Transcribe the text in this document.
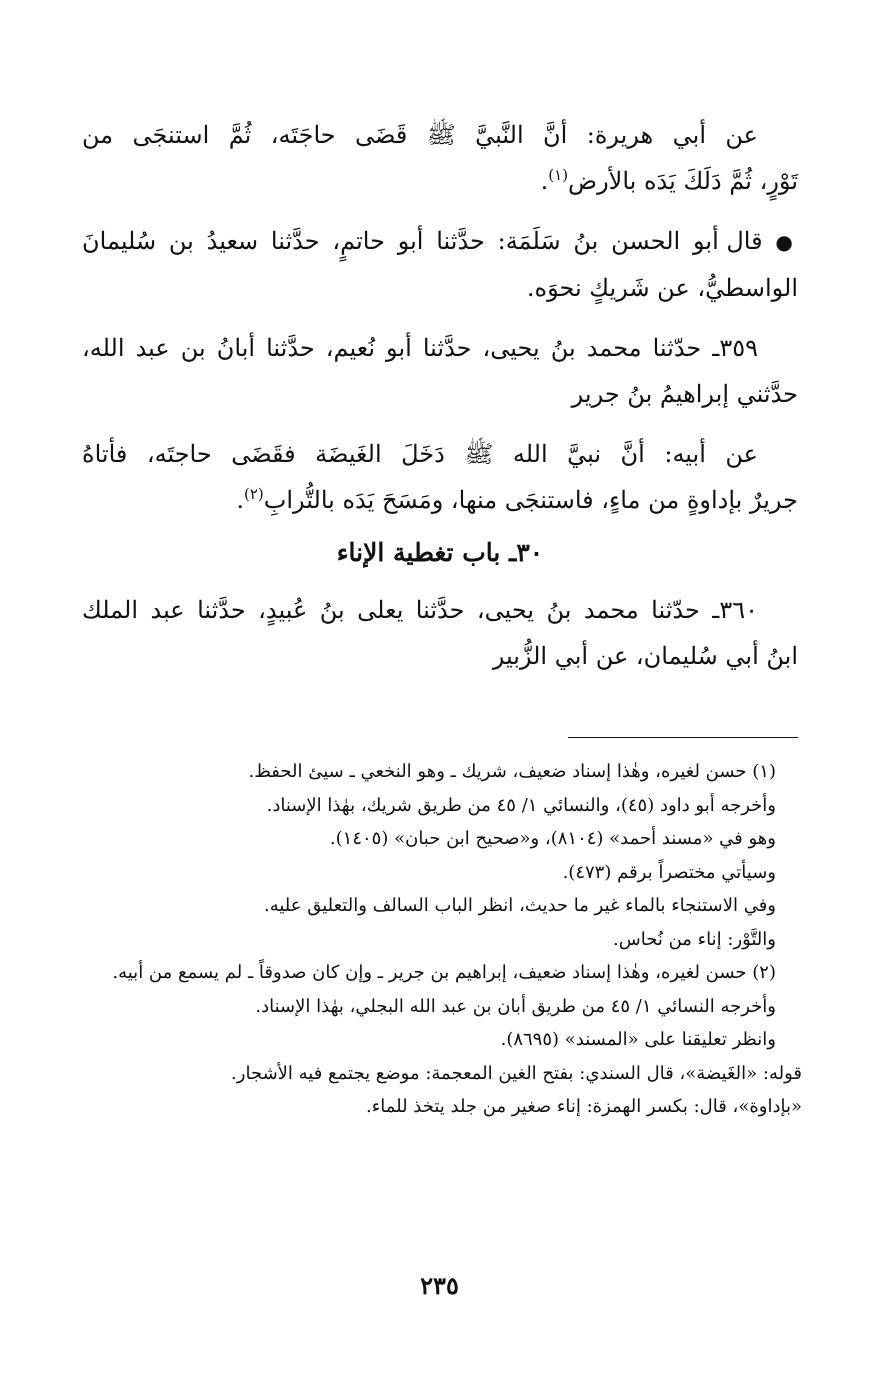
عن أبي هريرة: أنَّ النَّبيَّ ﷺ قَضَى حاجَتَه، ثُمَّ استنجَى من

تَوْرٍ، ثُمَّ دَلَكَ يَدَه بالأرض$^{(١)}$.

● قال أبو الحسن بنُ سَلَمَة: حدَّثنا أبو حاتمٍ، حدَّثنا سعيدُ بن سُليمانَ

الواسطيُّ، عن شَريكٍ نحوَه.

٣٥٩ـ حدّثنا محمد بنُ يحيى، حدَّثنا أبو نُعيم، حدَّثنا أبانُ بن عبد الله،

حدَّثني إبراهيمُ بنُ جرير

عن أبيه: أنَّ نبيَّ الله ﷺ دَخَلَ الغَيضَة فقَضَى حاجتَه، فأتاهُ

جريرٌ بإداوةٍ من ماءٍ، فاستنجَى منها، ومَسَحَ يَدَه بالتُّرابِ$^{(٢)}$.

٣٠ـ باب تغطية الإناء

٣٦٠ـ حدّثنا محمد بنُ يحيى، حدَّثنا يعلى بنُ عُبيدٍ، حدَّثنا عبد الملك

ابنُ أبي سُليمان، عن أبي الزُّبير

(١) حسن لغيره، وهٰذا إسناد ضعيف، شريك ـ وهو النخعي ـ سيئ الحفظ.

وأخرجه أبو داود (٤٥)، والنسائي ١/ ٤٥ من طريق شريك، بهٰذا الإسناد.

وهو في «مسند أحمد» (٨١٠٤)، و«صحيح ابن حبان» (١٤٠٥).

وسيأتي مختصراً برقم (٤٧٣).

وفي الاستنجاء بالماء غير ما حديث، انظر الباب السالف والتعليق عليه.

والتَّوْر: إناء من نُحاس.

(٢) حسن لغيره، وهٰذا إسناد ضعيف، إبراهيم بن جرير ـ وإن كان صدوقاً ـ لم يسمع من أبيه.

وأخرجه النسائي ١/ ٤٥ من طريق أبان بن عبد الله البجلي، بهٰذا الإسناد.

وانظر تعليقنا على «المسند» (٨٦٩٥).

قوله: «الغَيضة»، قال السندي: بفتح الغين المعجمة: موضع يجتمع فيه الأشجار.

«بإداوة»، قال: بكسر الهمزة: إناء صغير من جلد يتخذ للماء.

٢٣٥
